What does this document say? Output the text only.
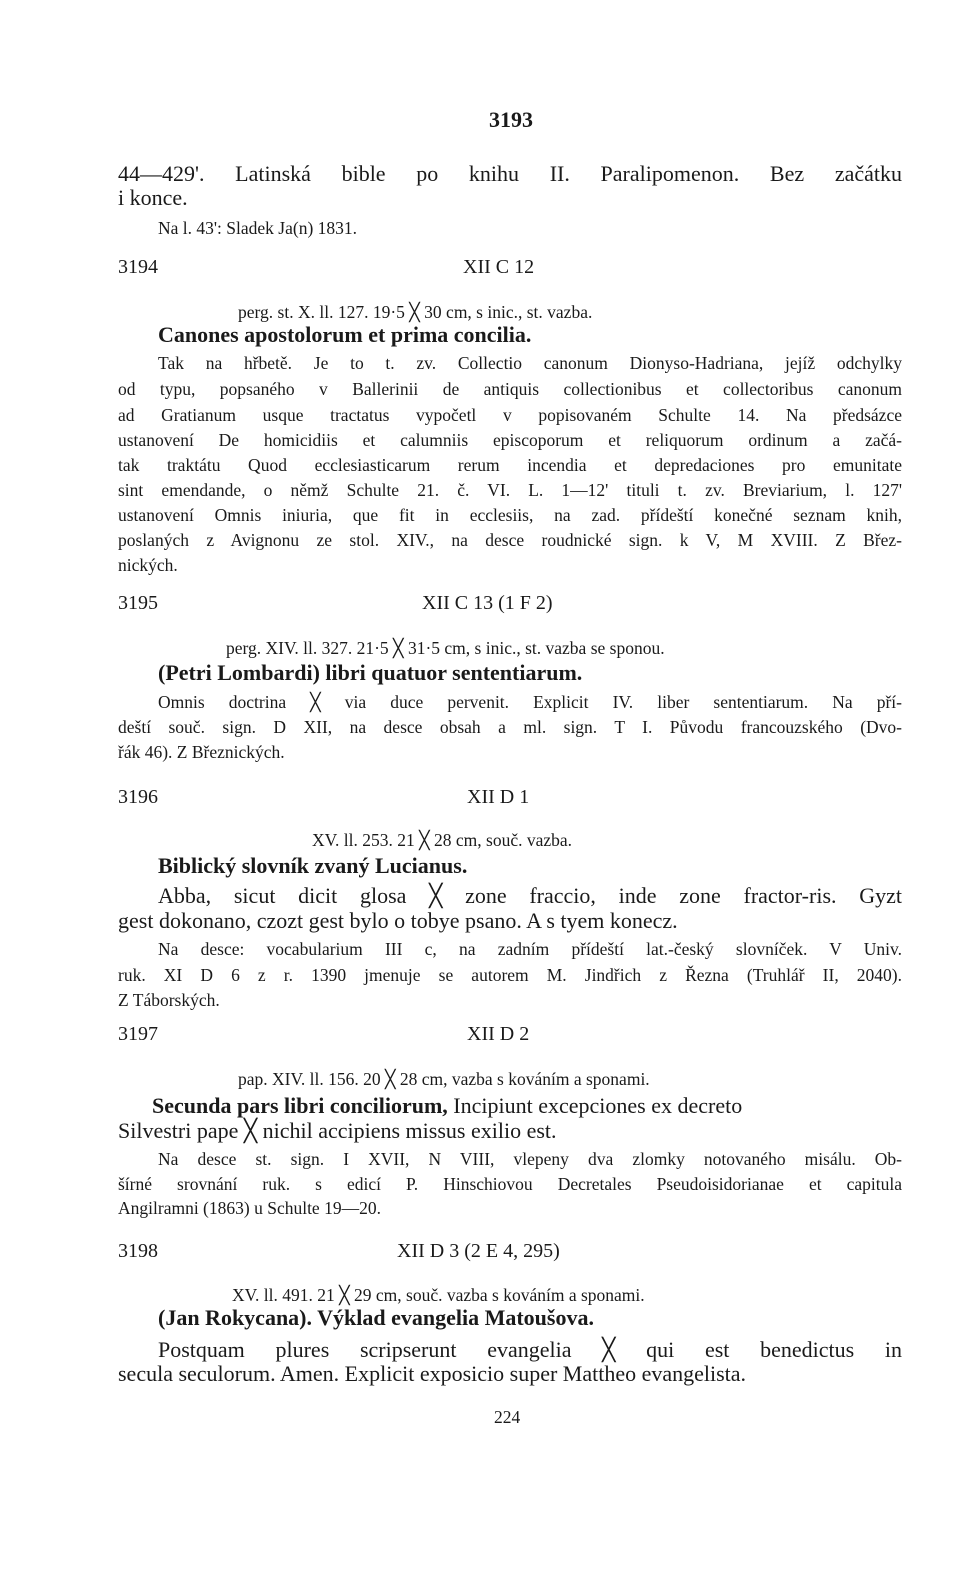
3193
44—429'. Latinská bible po knihu II. Paralipomenon. Bez začátku
i konce.
Na l. 43': Sladek Ja(n) 1831.
3194	XII C 12
perg. st. X. ll. 127. 19·5 ╳ 30 cm, s inic., st. vazba.
Canones apostolorum et prima concilia.
Tak na hřbetě. Je to t. zv. Collectio canonum Dionyso-Hadriana, jejíž odchylky
od typu, popsaného v Ballerinii de antiquis collectionibus et collectoribus canonum
ad Gratianum usque tractatus vypočetl v popisovaném Schulte 14. Na předsázce
ustanovení De homicidiis et calumniis episcoporum et reliquorum ordinum a začá-
tak traktátu Quod ecclesiasticarum rerum incendia et depredaciones pro emunitate
sint emendande, o němž Schulte 21. č. VI. L. 1—12' tituli t. zv. Breviarium, l. 127'
ustanovení Omnis iniuria, que fit in ecclesiis, na zad. přídeští konečné seznam knih,
poslaných z Avignonu ze stol. XIV., na desce roudnické sign. k V, M XVIII. Z Břez-
nických.
3195	XII C 13 (1 F 2)
perg. XIV. ll. 327. 21·5 ╳ 31·5 cm, s inic., st. vazba se sponou.
(Petri Lombardi) libri quatuor sententiarum.
Omnis doctrina ╳ via duce pervenit. Explicit IV. liber sententiarum. Na pří-
deští souč. sign. D XII, na desce obsah a ml. sign. T I. Původu francouzského (Dvo-
řák 46). Z Březnických.
3196	XII D 1
XV. ll. 253. 21 ╳ 28 cm, souč. vazba.
Biblický slovník zvaný Lucianus.
Abba, sicut dicit glosa ╳ zone fraccio, inde zone fractor-ris. Gyzt
gest dokonano, czozt gest bylo o tobye psano. A s tyem konecz.
Na desce: vocabularium III c, na zadním přídeští lat.-český slovníček. V Univ.
ruk. XI D 6 z r. 1390 jmenuje se autorem M. Jindřich z Řezna (Truhlář II, 2040).
Z Táborských.
3197	XII D 2
pap. XIV. ll. 156. 20 ╳ 28 cm, vazba s kováním a sponami.
Secunda pars libri conciliorum, Incipiunt excepciones ex decreto
Silvestri pape ╳ nichil accipiens missus exilio est.
Na desce st. sign. I XVII, N VIII, vlepeny dva zlomky notovaného misálu. Ob-
šírné srovnání ruk. s edicí P. Hinschiovou Decretales Pseudoisidorianae et capitula
Angilramni (1863) u Schulte 19—20.
3198	XII D 3 (2 E 4, 295)
XV. ll. 491. 21 ╳ 29 cm, souč. vazba s kováním a sponami.
(Jan Rokycana). Výklad evangelia Matoušova.
Postquam plures scripserunt evangelia ╳ qui est benedictus in
secula seculorum. Amen. Explicit exposicio super Mattheo evangelista.
224
